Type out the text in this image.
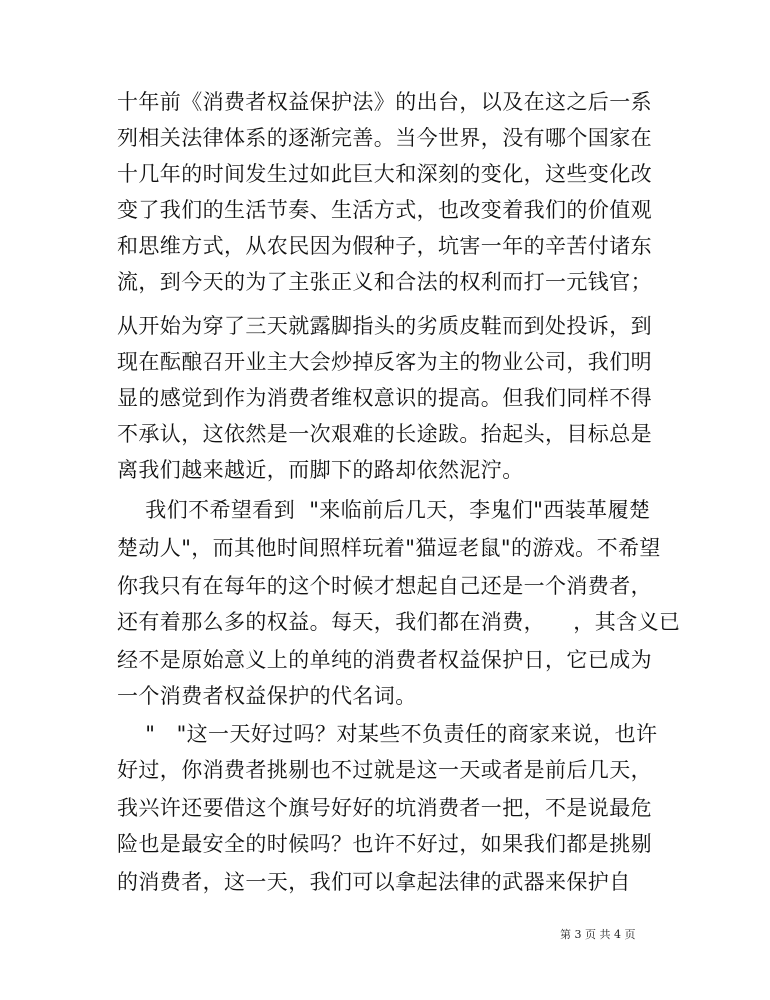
十年前《消费者权益保护法》的出台，以及在这之后一系
列相关法律体系的逐渐完善。当今世界，没有哪个国家在
十几年的时间发生过如此巨大和深刻的变化，这些变化改
变了我们的生活节奏、生活方式，也改变着我们的价值观
和思维方式，从农民因为假种子，坑害一年的辛苦付诸东
流，到今天的为了主张正义和合法的权利而打一元钱官；
从开始为穿了三天就露脚指头的劣质皮鞋而到处投诉，到
现在酝酿召开业主大会炒掉反客为主的物业公司，我们明
显的感觉到作为消费者维权意识的提高。但我们同样不得
不承认，这依然是一次艰难的长途跋。抬起头，目标总是
离我们越来越近，而脚下的路却依然泥泞。
我们不希望看到  "来临前后几天，李鬼们"西装革履楚
楚动人"，而其他时间照样玩着"猫逗老鼠"的游戏。不希望
你我只有在每年的这个时候才想起自己还是一个消费者，
还有着那么多的权益。每天，我们都在消费，    ，其含义已
经不是原始意义上的单纯的消费者权益保护日，它已成为
一个消费者权益保护的代名词。
"   "这一天好过吗？对某些不负责任的商家来说，也许
好过，你消费者挑剔也不过就是这一天或者是前后几天，
我兴许还要借这个旗号好好的坑消费者一把，不是说最危
险也是最安全的时候吗？也许不好过，如果我们都是挑剔
的消费者，这一天，我们可以拿起法律的武器来保护自
第 3 页 共 4 页
